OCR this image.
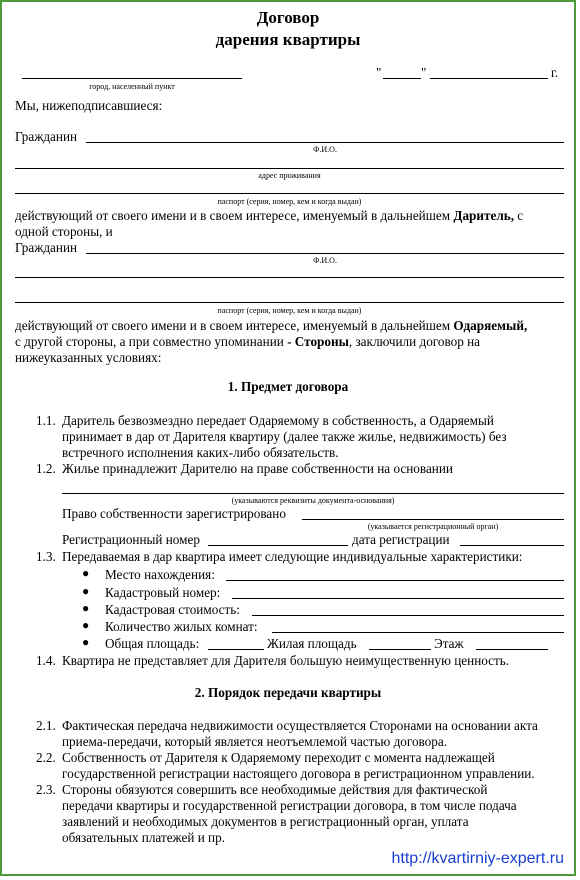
Договор
дарения квартиры
город, населенный пункт
"	"	г.
Мы, нижеподписавшиеся:
Гражданин
Ф.И.О.
адрес проживания
паспорт (серия, номер, кем и когда выдан)
действующий от своего имени и в своем интересе, именуемый в дальнейшем Даритель, с
одной стороны, и
Гражданин
Ф.И.О.
паспорт (серия, номер, кем и когда выдан)
действующий от своего имени и в своем интересе, именуемый в дальнейшем Одаряемый,
с другой стороны, а при совместно упоминании - Стороны, заключили договор на
нижеуказанных условиях:
1. Предмет договора
1.1. Даритель безвозмездно передает Одаряемому в собственность, а Одаряемый
принимает в дар от Дарителя квартиру (далее также жилье, недвижимость) без
встречного исполнения каких-либо обязательств.
1.2. Жилье принадлежит Дарителю на праве собственности на основании
(указываются реквизиты документа-основания)
Право собственности зарегистрировано
(указывается регистрационный орган)
Регистрационный номер	дата регистрации
1.3. Передаваемая в дар квартира имеет следующие индивидуальные характеристики:
● Место нахождения:
● Кадастровый номер:
● Кадастровая стоимость:
● Количество жилых комнат:
● Общая площадь:	Жилая площадь	Этаж
1.4. Квартира не представляет для Дарителя большую неимущественную ценность.
2. Порядок передачи квартиры
2.1. Фактическая передача недвижимости осуществляется Сторонами на основании акта
приема-передачи, который является неотъемлемой частью договора.
2.2. Собственность от Дарителя к Одаряемому переходит с момента надлежащей
государственной регистрации настоящего договора в регистрационном управлении.
2.3. Стороны обязуются совершить все необходимые действия для фактической
передачи квартиры и государственной регистрации договора, в том числе подача
заявлений и необходимых документов в регистрационный орган, уплата
обязательных платежей и пр.
http://kvartirniy-expert.ru
